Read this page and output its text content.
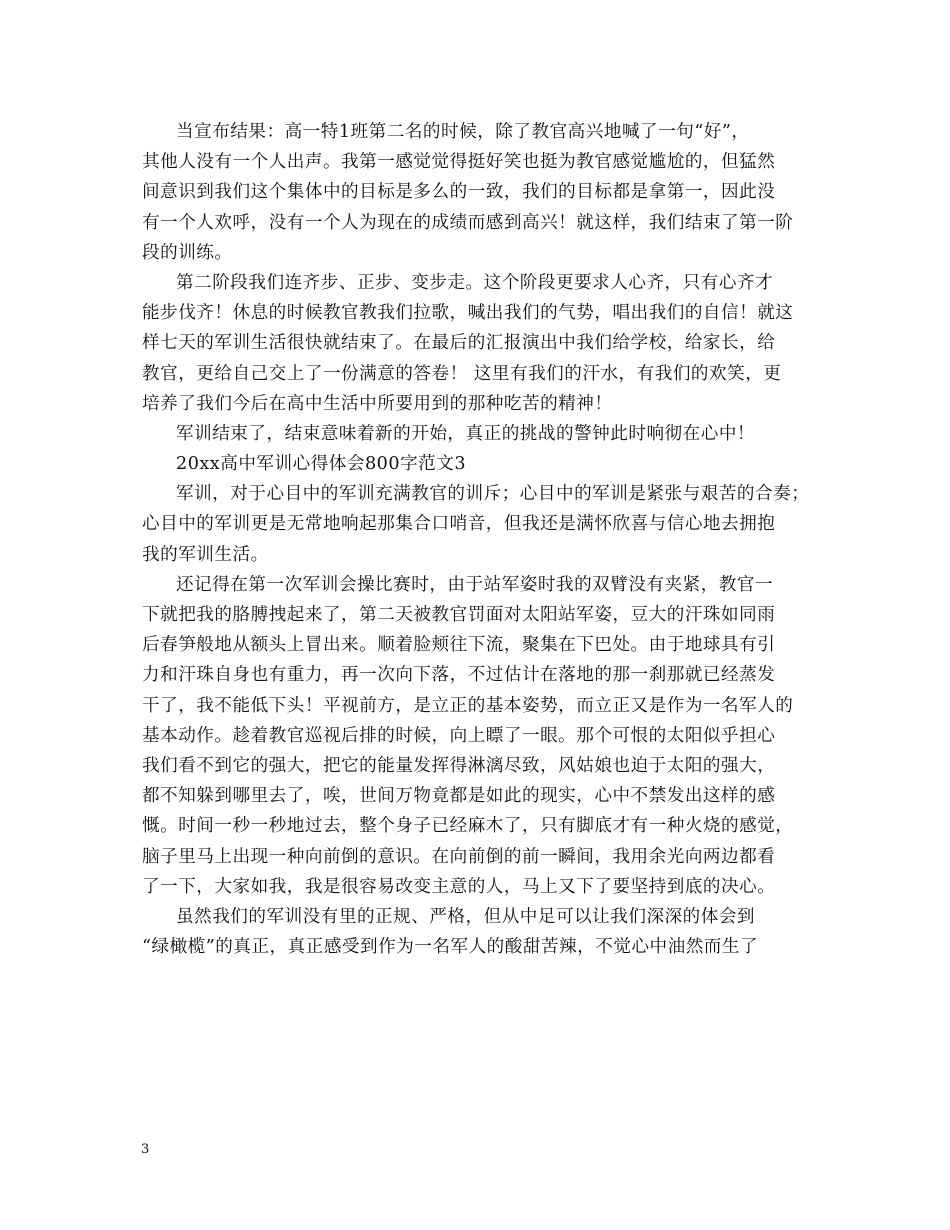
当宣布结果：高一特1班第二名的时候，除了教官高兴地喊了一句“好”，
其他人没有一个人出声。我第一感觉觉得挺好笑也挺为教官感觉尴尬的，但猛然
间意识到我们这个集体中的目标是多么的一致，我们的目标都是拿第一，因此没
有一个人欢呼，没有一个人为现在的成绩而感到高兴！就这样，我们结束了第一阶
段的训练。
第二阶段我们连齐步、正步、变步走。这个阶段更要求人心齐，只有心齐才
能步伐齐！休息的时候教官教我们拉歌，喊出我们的气势，唱出我们的自信！就这
样七天的军训生活很快就结束了。在最后的汇报演出中我们给学校，给家长，给
教官，更给自己交上了一份满意的答卷！ 这里有我们的汗水，有我们的欢笑，更
培养了我们今后在高中生活中所要用到的那种吃苦的精神！
军训结束了，结束意味着新的开始，真正的挑战的警钟此时响彻在心中！
20xx高中军训心得体会800字范文3
军训，对于心目中的军训充满教官的训斥；心目中的军训是紧张与艰苦的合奏；
心目中的军训更是无常地响起那集合口哨音，但我还是满怀欣喜与信心地去拥抱
我的军训生活。
还记得在第一次军训会操比赛时，由于站军姿时我的双臂没有夹紧，教官一
下就把我的胳膊拽起来了，第二天被教官罚面对太阳站军姿，豆大的汗珠如同雨
后春笋般地从额头上冒出来。顺着脸颊往下流，聚集在下巴处。由于地球具有引
力和汗珠自身也有重力，再一次向下落，不过估计在落地的那一刹那就已经蒸发
干了，我不能低下头！平视前方，是立正的基本姿势，而立正又是作为一名军人的
基本动作。趁着教官巡视后排的时候，向上瞟了一眼。那个可恨的太阳似乎担心
我们看不到它的强大，把它的能量发挥得淋漓尽致，风姑娘也迫于太阳的强大，
都不知躲到哪里去了，唉，世间万物竟都是如此的现实，心中不禁发出这样的感
慨。时间一秒一秒地过去，整个身子已经麻木了，只有脚底才有一种火烧的感觉，
脑子里马上出现一种向前倒的意识。在向前倒的前一瞬间，我用余光向两边都看
了一下，大家如我，我是很容易改变主意的人，马上又下了要坚持到底的决心。
虽然我们的军训没有里的正规、严格，但从中足可以让我们深深的体会到
“绿橄榄”的真正，真正感受到作为一名军人的酸甜苦辣，不觉心中油然而生了
3
